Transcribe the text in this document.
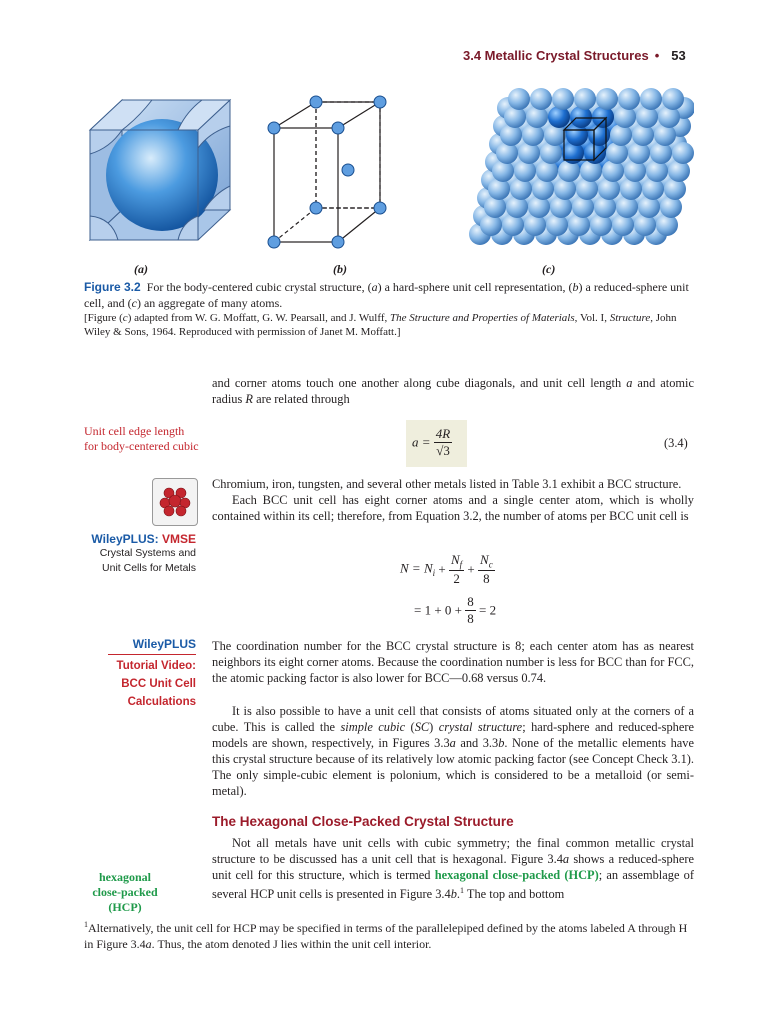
3.4 Metallic Crystal Structures • 53
(a)	(b)	(c)
Figure 3.2 For the body-centered cubic crystal structure, (a) a hard-sphere unit cell representation, (b) a reduced-sphere unit cell, and (c) an aggregate of many atoms.
[Figure (c) adapted from W. G. Moffatt, G. W. Pearsall, and J. Wulff, The Structure and Properties of Materials, Vol. I, Structure, John Wiley & Sons, 1964. Reproduced with permission of Janet M. Moffatt.]

and corner atoms touch one another along cube diagonals, and unit cell length a and atomic radius R are related through

Unit cell edge length for body-centered cubic	$a = \frac{4R}{√3}$	(3.4)

Chromium, iron, tungsten, and several other metals listed in Table 3.1 exhibit a BCC structure.

Each BCC unit cell has eight corner atoms and a single center atom, which is wholly contained within its cell; therefore, from Equation 3.2, the number of atoms per BCC unit cell is

WileyPLUS: VMSE
Crystal Systems and Unit Cells for Metals	$N = N_i + \frac{N_f}{2} + \frac{N_c}{8}$
= $1 + 0 + \frac{8}{8} = 2$
WileyPLUS
Tutorial Video:
BCC Unit Cell
Calculations

The coordination number for the BCC crystal structure is 8; each center atom has as nearest neighbors its eight corner atoms. Because the coordination number is less for BCC than for FCC, the atomic packing factor is also lower for BCC—0.68 versus 0.74.

It is also possible to have a unit cell that consists of atoms situated only at the corners of a cube. This is called the simple cubic (SC) crystal structure; hard-sphere and reduced-sphere models are shown, respectively, in Figures 3.3a and 3.3b. None of the metallic elements have this crystal structure because of its relatively low atomic packing factor (see Concept Check 3.1). The only simple-cubic element is polonium, which is considered to be a metalloid (or semi-metal).

The Hexagonal Close-Packed Crystal Structure

Not all metals have unit cells with cubic symmetry; the final common metallic crystal structure to be discussed has a unit cell that is hexagonal. Figure 3.4a shows a reduced-sphere unit cell for this structure, which is termed hexagonal close-packed (HCP); an assemblage of several HCP unit cells is presented in Figure 3.4b.$^1$ The top and bottom

hexagonal close-packed (HCP)
$^1$Alternatively, the unit cell for HCP may be specified in terms of the parallelepiped defined by the atoms labeled A through H in Figure 3.4a. Thus, the atom denoted J lies within the unit cell interior.
